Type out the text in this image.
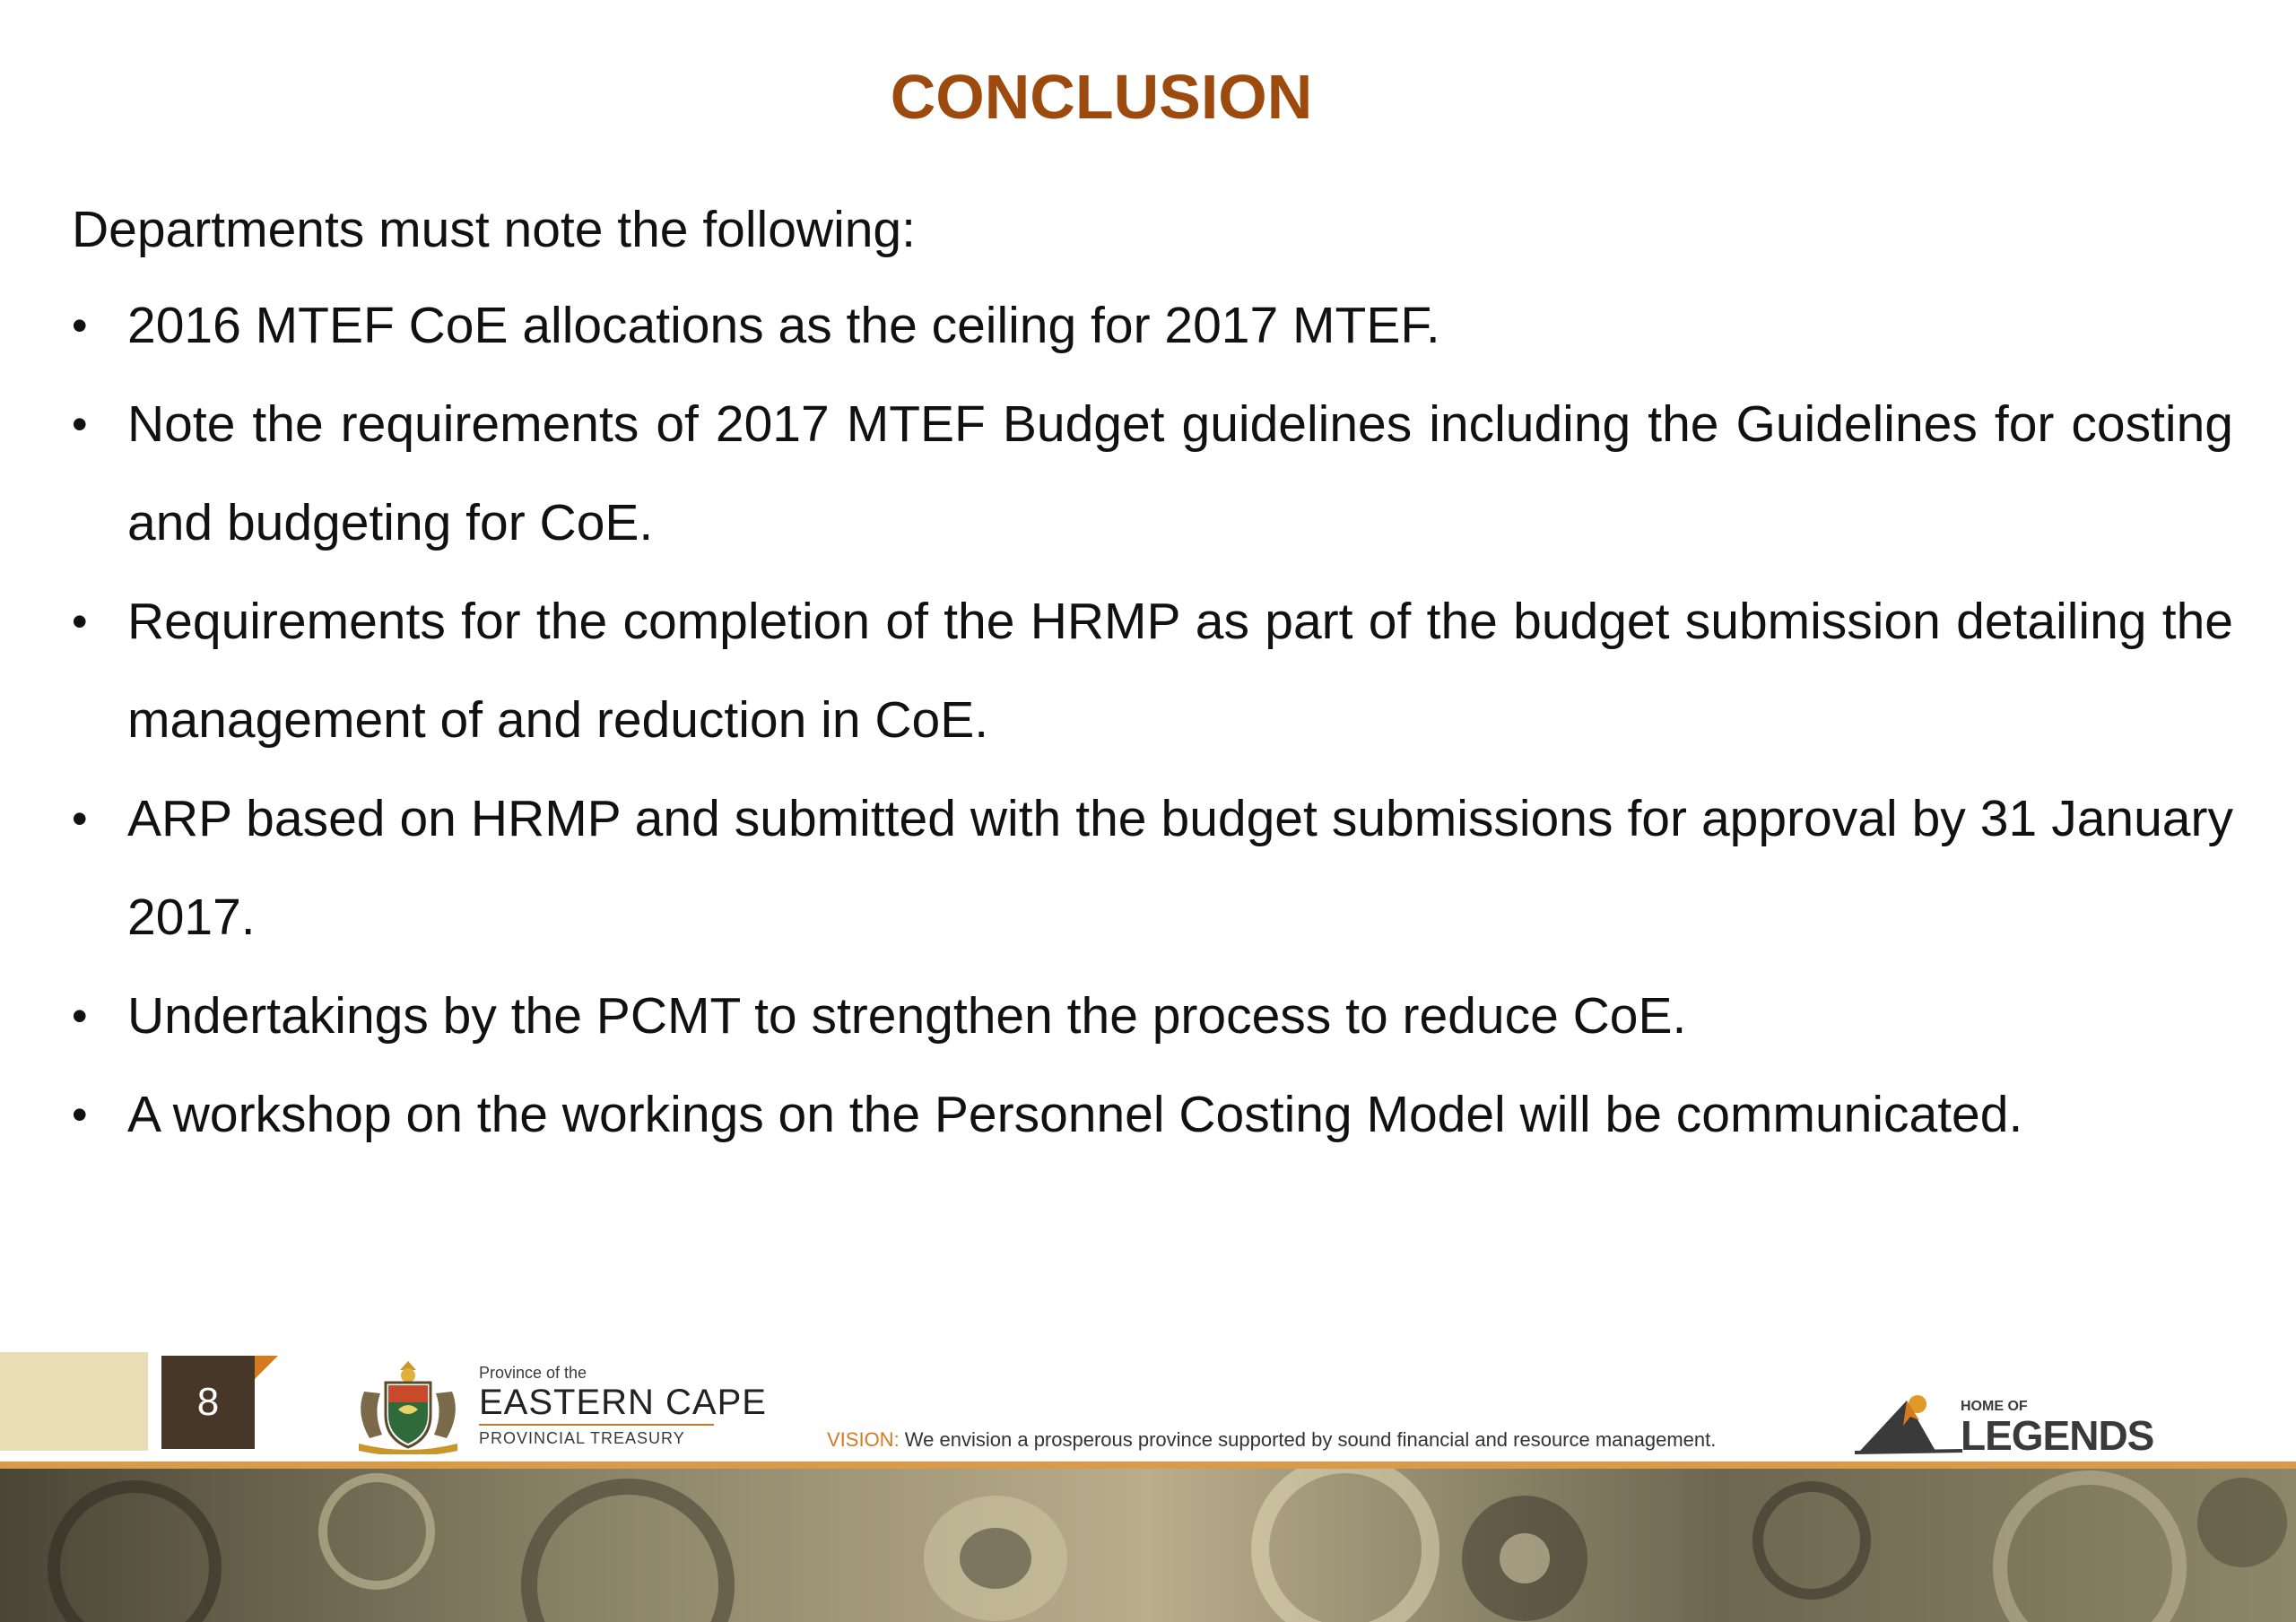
CONCLUSION

Departments must note the following:

• 2016 MTEF CoE allocations as the ceiling for 2017 MTEF.
• Note the requirements of 2017 MTEF Budget guidelines including the Guidelines for costing and budgeting for CoE.
• Requirements for the completion of the HRMP as part of the budget submission detailing the management of and reduction in CoE.
• ARP based on HRMP and submitted with the budget submissions for approval by 31 January 2017.
• Undertakings by the PCMT to strengthen the process to reduce CoE.
• A workshop on the workings on the Personnel Costing Model will be communicated.
8
Province of the
EASTERN CAPE
PROVINCIAL TREASURY	VISION: We envision a prosperous province supported by sound financial and resource management.
HOME OF
LEGENDS
